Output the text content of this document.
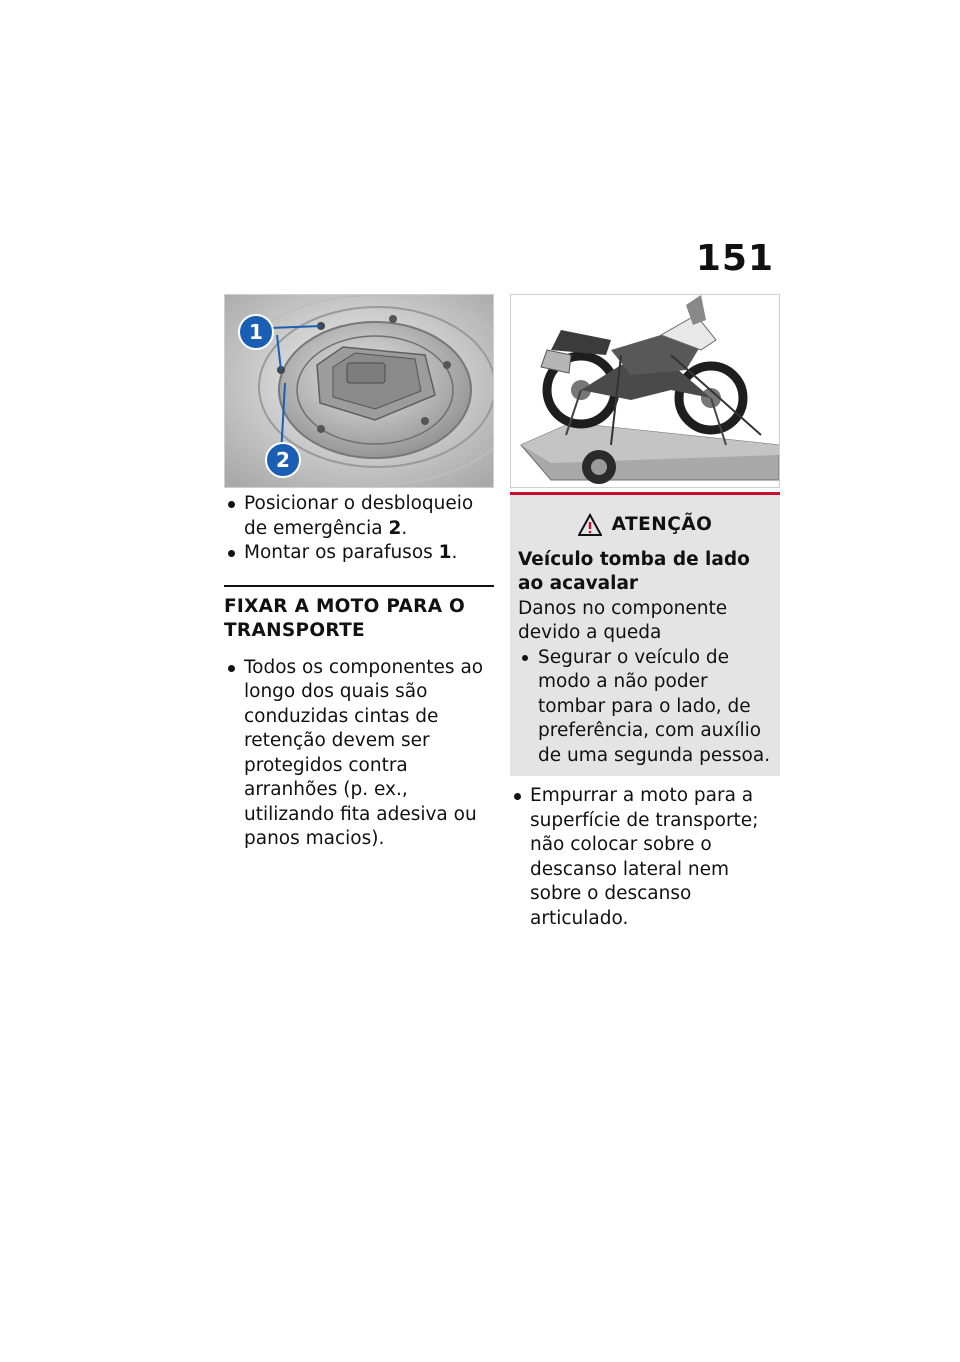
151
1
2
Posicionar o desbloqueio de emergência 2.
Montar os parafusos 1.
FIXAR A MOTO PARA O TRANSPORTE
Todos os componentes ao longo dos quais são conduzidas cintas de retenção devem ser protegidos contra arranhões (p. ex., utilizando fita adesiva ou panos macios).
ATENÇÃO
Veículo tomba de lado ao acavalar
Danos no componente devido a queda
Segurar o veículo de modo a não poder tombar para o lado, de preferência, com auxílio de uma segunda pessoa.
Empurrar a moto para a superfície de transporte; não colocar sobre o descanso lateral nem sobre o descanso articulado.
